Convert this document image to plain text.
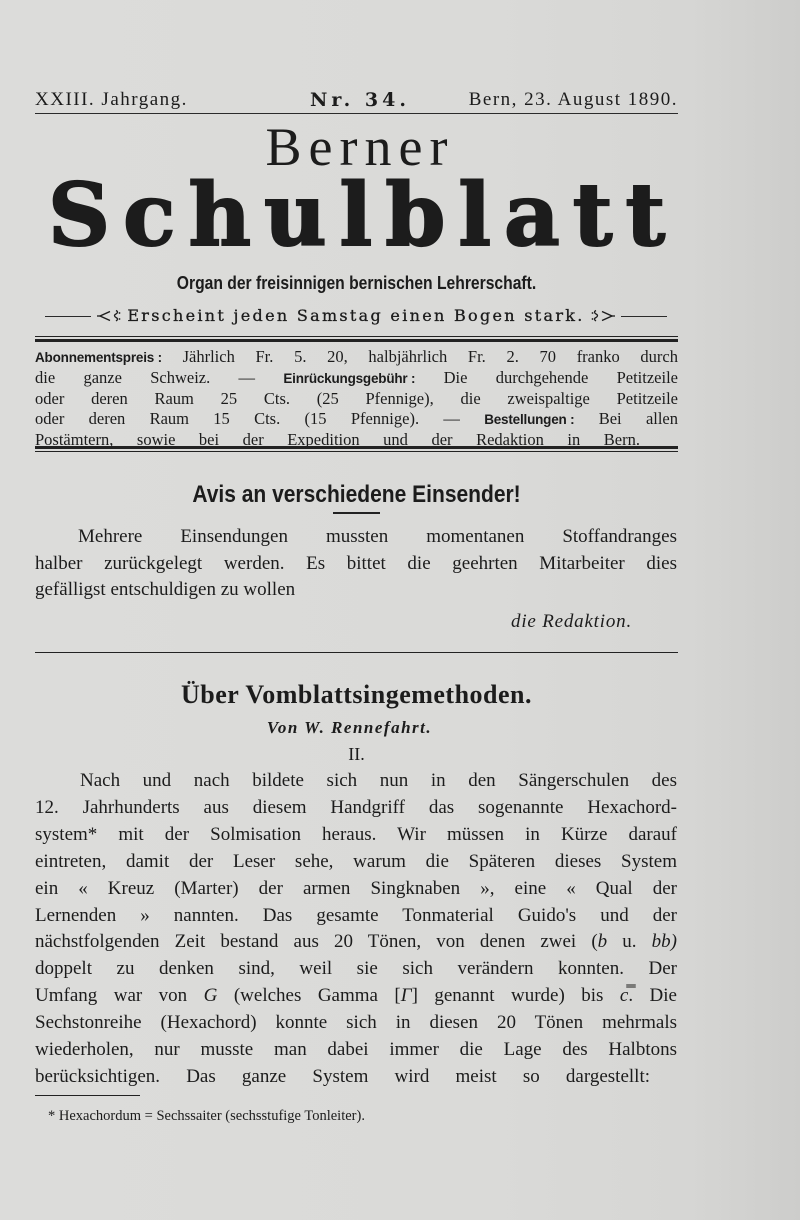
XXIII. Jahrgang.	Nr. 34.	Bern, 23. August 1890.
Berner
Schulblatt
Organ der freisinnigen bernischen Lehrerschaft.
Erscheint jeden Samstag einen Bogen stark.
Abonnementspreis : Jährlich Fr. 5. 20, halbjährlich Fr. 2. 70 franko durch
die ganze Schweiz. — Einrückungsgebühr : Die durchgehende Petitzeile
oder deren Raum 25 Cts. (25 Pfennige), die zweispaltige Petitzeile
oder deren Raum 15 Cts. (15 Pfennige). — Bestellungen : Bei allen
Postämtern, sowie bei der Expedition und der Redaktion in Bern.
Avis an verschiedene Einsender!
Mehrere Einsendungen mussten momentanen Stoffandranges
halber zurückgelegt werden. Es bittet die geehrten Mitarbeiter dies
gefälligst entschuldigen zu wollen
die Redaktion.
Über Vomblattsingemethoden.
Von W. Rennefahrt.
II.
Nach und nach bildete sich nun in den Sängerschulen des
12. Jahrhunderts aus diesem Handgriff das sogenannte Hexachord-
system* mit der Solmisation heraus. Wir müssen in Kürze darauf
eintreten, damit der Leser sehe, warum die Späteren dieses System
ein « Kreuz (Marter) der armen Singknaben », eine « Qual der
Lernenden » nannten. Das gesamte Tonmaterial Guido's und der
nächstfolgenden Zeit bestand aus 20 Tönen, von denen zwei (b u. bb)
doppelt zu denken sind, weil sie sich verändern konnten. Der
Umfang war von G (welches Gamma [Γ] genannt wurde) bis c̿. Die
Sechstonreihe (Hexachord) konnte sich in diesen 20 Tönen mehrmals
wiederholen, nur musste man dabei immer die Lage des Halbtons
berücksichtigen. Das ganze System wird meist so dargestellt:
* Hexachordum = Sechssaiter (sechsstufige Tonleiter).
